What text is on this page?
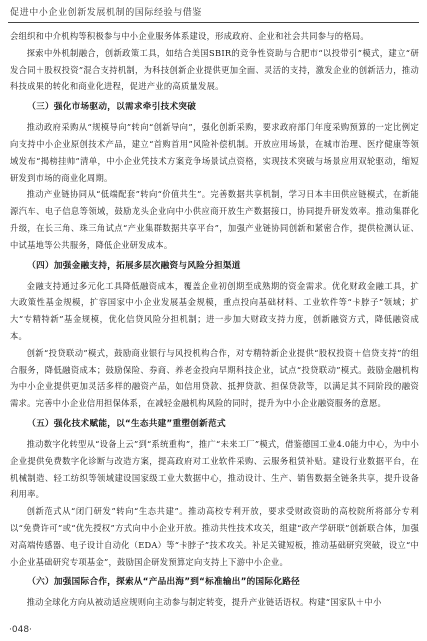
促进中小企业创新发展机制的国际经验与借鉴

会组织和中介机构等积极参与中小企业服务体系建设，形成政府、企业和社会共同参与的格局。

探索中外机制融合，创新政策工具，如结合美国SBIR的竞争性资助与合肥市“以投带引”模式，建立“研发合同＋股权投资”混合支持机制，为科技创新企业提供更加全面、灵活的支持，激发企业的创新活力，推动科技成果的转化和商业化进程，促进产业的高质量发展。

（三）强化市场驱动，以需求牵引技术突破

推动政府采购从“规模导向”转向“创新导向”，强化创新采购，要求政府部门年度采购预算的一定比例定向支持中小企业原创技术产品，建立“首购首用”风险补偿机制。开放应用场景，在城市治理、医疗健康等领域发布“揭榜挂帅”清单，中小企业凭技术方案竞争场景试点资格，实现技术突破与场景应用双轮驱动，缩短研发到市场的商业化周期。

推动产业链协同从“低端配套”转向“价值共生”。完善数据共享机制，学习日本丰田供应链模式，在新能源汽车、电子信息等领域，鼓励龙头企业向中小供应商开放生产数据接口，协同提升研发效率。推动集群化升级，在长三角、珠三角试点“产业集群数据共享平台”，加强产业链协同创新和紧密合作，提供检测认证、中试基地等公共服务，降低企业研发成本。

（四）加强金融支持，拓展多层次融资与风险分担渠道

金融支持通过多元化工具降低融资成本，覆盖企业初创期至成熟期的资金需求。优化财政金融工具，扩大政策性基金规模，扩容国家中小企业发展基金规模，重点投向基础材料、工业软件等“卡脖子”领域；扩大“专精特新”基金规模，优化信贷风险分担机制；进一步加大财政支持力度，创新融资方式，降低融资成本。

创新“投贷联动”模式，鼓励商业银行与风投机构合作，对专精特新企业提供“股权投资＋信贷支持”的组合服务，降低融资成本；鼓励保险、券商、养老金投向早期科技企业，试点“投贷联动”模式。鼓励金融机构为中小企业提供更加灵活多样的融资产品，如信用贷款、抵押贷款、担保贷款等，以满足其不同阶段的融资需求。完善中小企业信用担保体系，在减轻金融机构风险的同时，提升为中小企业融资服务的意愿。

（五）强化技术赋能，以“生态共建”重塑创新范式

推动数字化转型从“设备上云”到“系统重构”，推广“未来工厂”模式，借鉴德国工业4.0能力中心，为中小企业提供免费数字化诊断与改造方案，提高政府对工业软件采购、云服务租赁补贴。建设行业数据平台，在机械制造、轻工纺织等领域建设国家级工业大数据中心，推动设计、生产、销售数据全链条共享，提升设备利用率。

创新范式从“闭门研发”转向“生态共建”。推动高校专利开放，要求受财政资助的高校院所将部分专利以“免费许可”或“优先授权”方式向中小企业开放。推动共性技术攻关，组建“政产学研联”创新联合体，加强对高端传感器、电子设计自动化（EDA）等“卡脖子”技术攻关。补足关键短板，推动基础研究突破，设立“中小企业基础研究专项基金”，鼓励国企研发预算定向支持上下游中小企业。

（六）加强国际合作，探索从“产品出海”到“标准输出”的国际化路径

推动全球化方向从被动适应规则向主动参与制定转变，提升产业链话语权。构建“国家队＋中小

·048·
